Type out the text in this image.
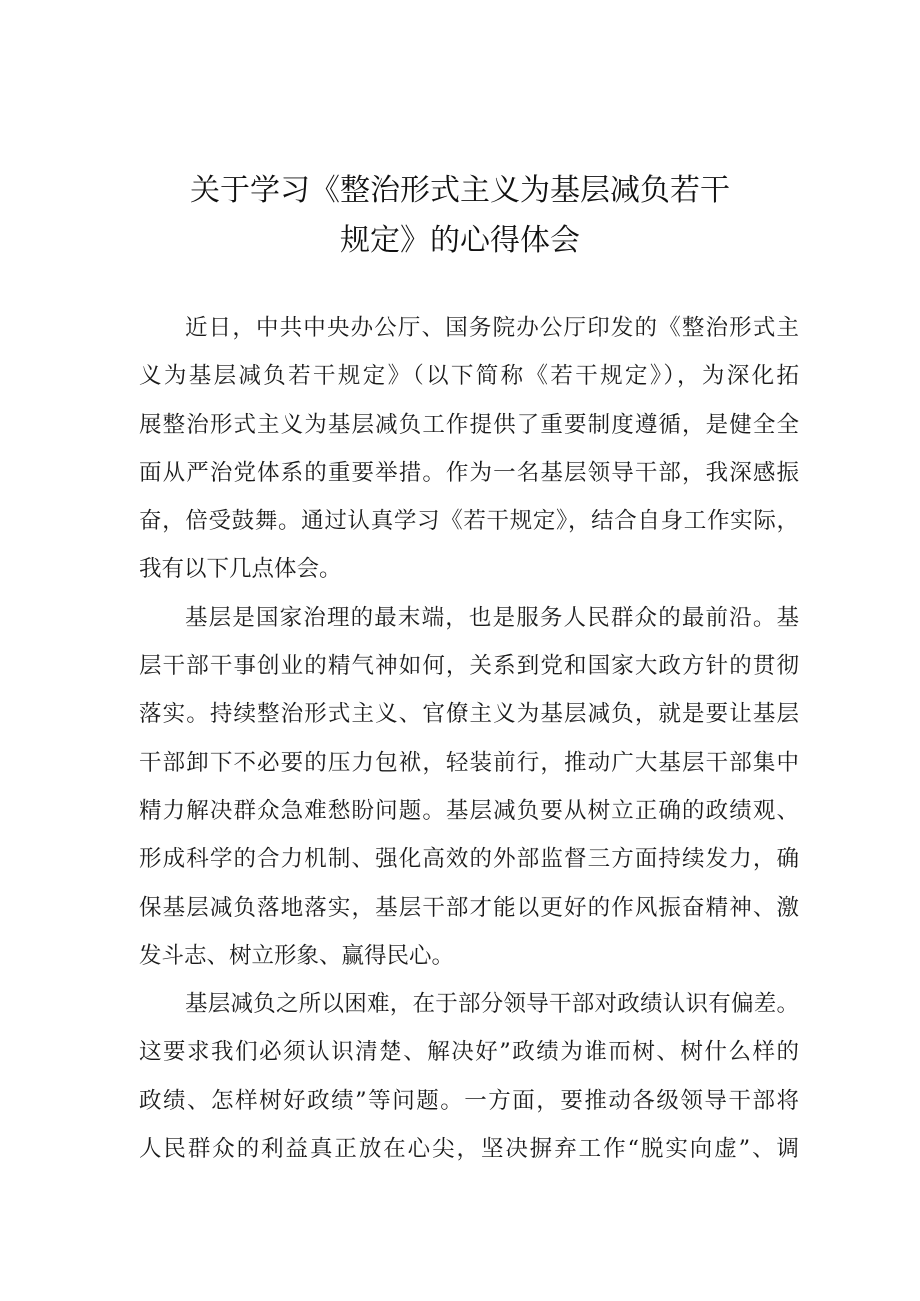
关于学习《整治形式主义为基层减负若干
规定》的心得体会
近日，中共中央办公厅、国务院办公厅印发的《整治形式主
义为基层减负若干规定》（以下简称《若干规定》），为深化拓
展整治形式主义为基层减负工作提供了重要制度遵循，是健全全
面从严治党体系的重要举措。作为一名基层领导干部，我深感振
奋，倍受鼓舞。通过认真学习《若干规定》，结合自身工作实际，
我有以下几点体会。
基层是国家治理的最末端，也是服务人民群众的最前沿。基
层干部干事创业的精气神如何，关系到党和国家大政方针的贯彻
落实。持续整治形式主义、官僚主义为基层减负，就是要让基层
干部卸下不必要的压力包袱，轻装前行，推动广大基层干部集中
精力解决群众急难愁盼问题。基层减负要从树立正确的政绩观、
形成科学的合力机制、强化高效的外部监督三方面持续发力，确
保基层减负落地落实，基层干部才能以更好的作风振奋精神、激
发斗志、树立形象、赢得民心。
基层减负之所以困难，在于部分领导干部对政绩认识有偏差。
这要求我们必须认识清楚、解决好”政绩为谁而树、树什么样的
政绩、怎样树好政绩”等问题。一方面，要推动各级领导干部将
人民群众的利益真正放在心尖，坚决摒弃工作“脱实向虚”、调
